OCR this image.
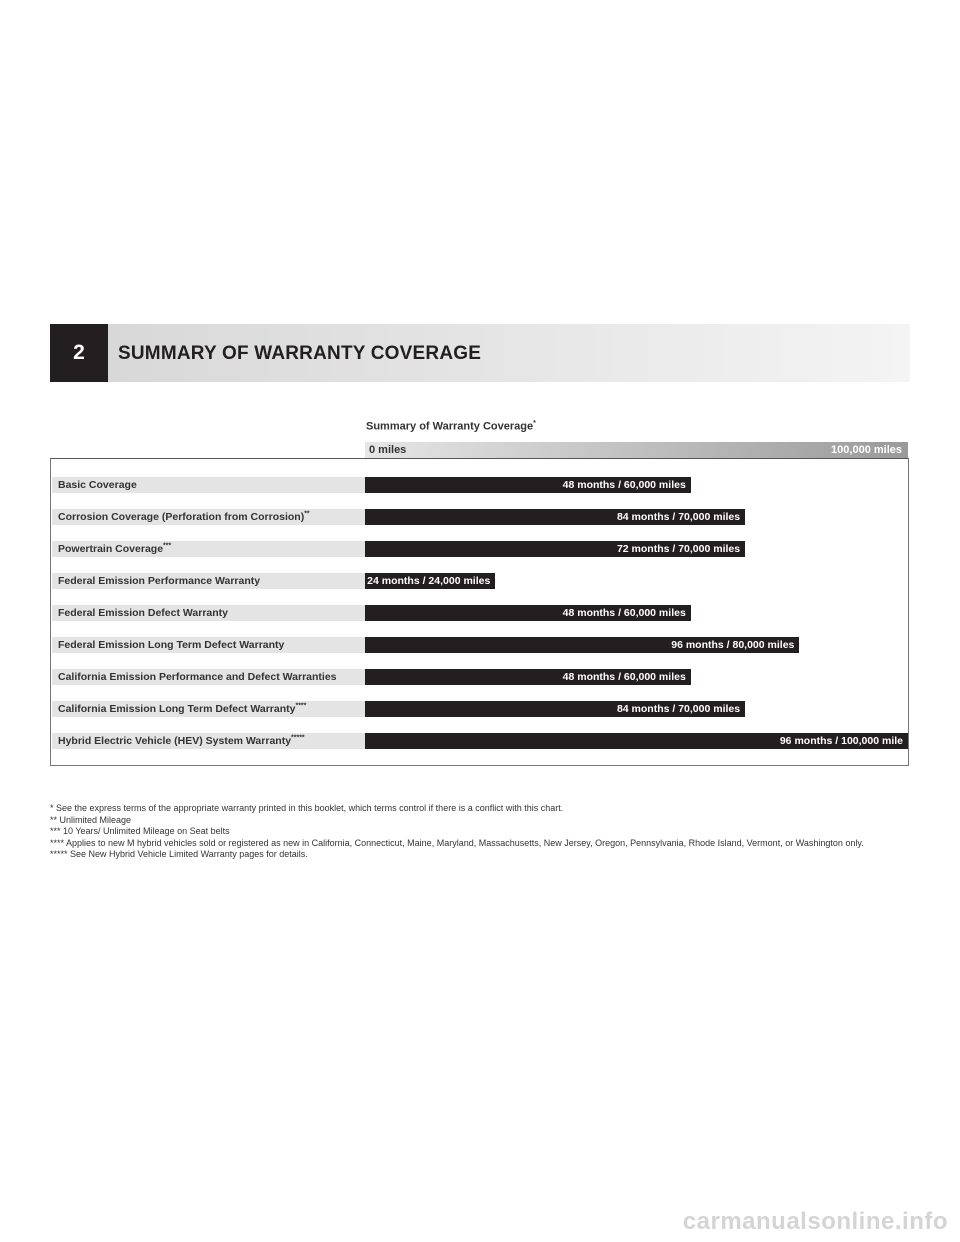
2	SUMMARY OF WARRANTY COVERAGE
Summary of Warranty Coverage*
0 miles	100,000 miles
Basic Coverage	48 months / 60,000 miles
Corrosion Coverage (Perforation from Corrosion)**	84 months / 70,000 miles
Powertrain Coverage***	72 months / 70,000 miles
Federal Emission Performance Warranty	24 months / 24,000 miles
Federal Emission Defect Warranty	48 months / 60,000 miles
Federal Emission Long Term Defect Warranty	96 months / 80,000 miles
California Emission Performance and Defect Warranties	48 months / 60,000 miles
California Emission Long Term Defect Warranty****	84 months / 70,000 miles
Hybrid Electric Vehicle (HEV) System Warranty*****	96 months / 100,000 mile
* See the express terms of the appropriate warranty printed in this booklet, which terms control if there is a conflict with this chart.
** Unlimited Mileage
*** 10 Years/ Unlimited Mileage on Seat belts
**** Applies to new M hybrid vehicles sold or registered as new in California, Connecticut, Maine, Maryland, Massachusetts, New Jersey, Oregon, Pennsylvania, Rhode Island, Vermont, or Washington only.
***** See New Hybrid Vehicle Limited Warranty pages for details.
carmanualsonline.info
